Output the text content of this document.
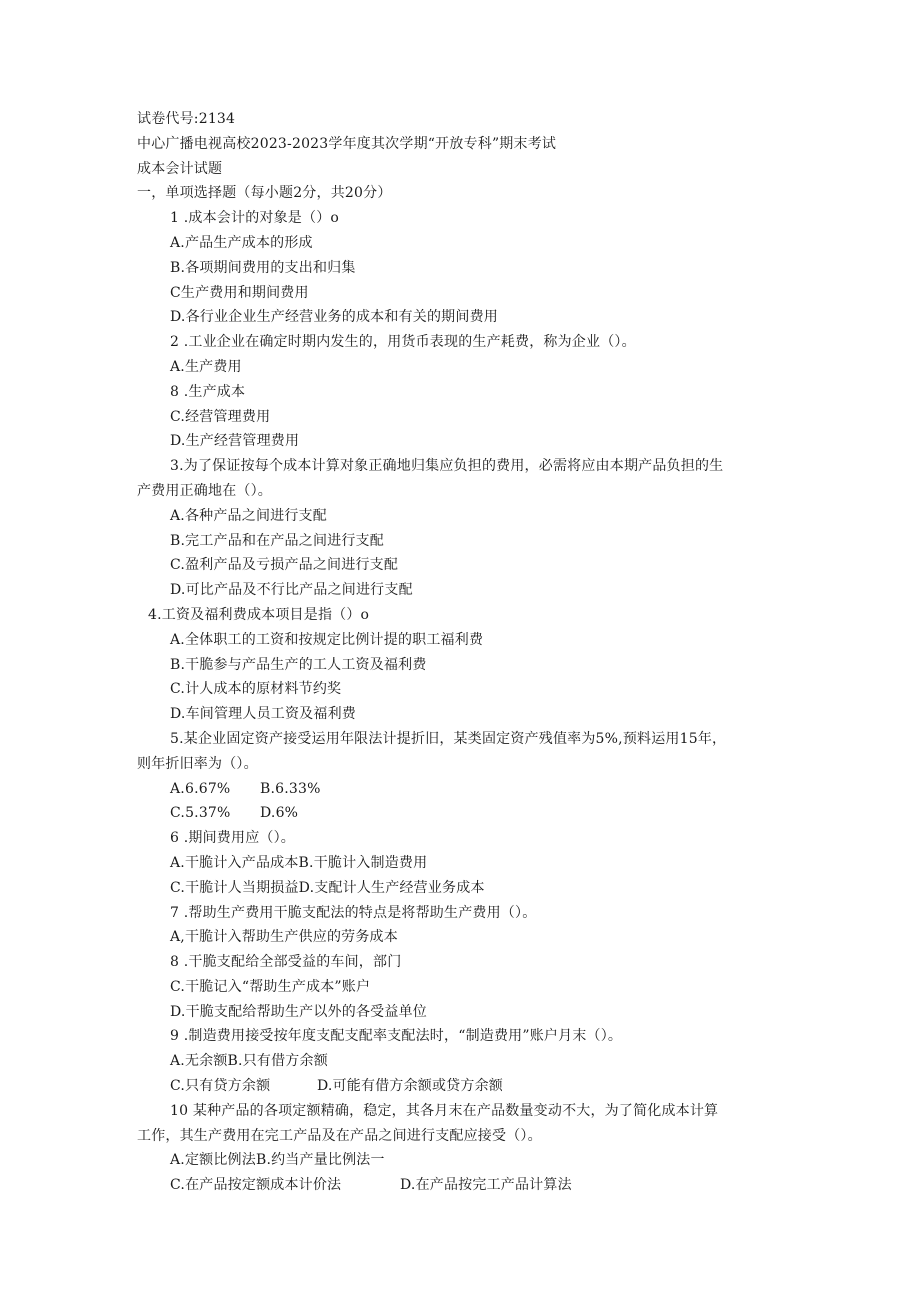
试卷代号:2134
中心广播电视高校2023-2023学年度其次学期“开放专科”期末考试
成本会计试题
一，单项选择题（每小题2分，共20分）
1 .成本会计的对象是（）o
A.产品生产成本的形成
B.各项期间费用的支出和归集
C生产费用和期间费用
D.各行业企业生产经营业务的成本和有关的期间费用
2 .工业企业在确定时期内发生的，用货币表现的生产耗费，称为企业（）。
A.生产费用
8 .生产成本
C.经营管理费用
D.生产经营管理费用
3.为了保证按每个成本计算对象正确地归集应负担的费用，必需将应由本期产品负担的生
产费用正确地在（）。
A.各种产品之间进行支配
B.完工产品和在产品之间进行支配
C.盈利产品及亏损产品之间进行支配
D.可比产品及不行比产品之间进行支配
4.工资及福利费成本项目是指（）o
A.全体职工的工资和按规定比例计提的职工福利费
B.干脆参与产品生产的工人工资及福利费
C.计人成本的原材料节约奖
D.车间管理人员工资及福利费
5.某企业固定资产接受运用年限法计提折旧，某类固定资产残值率为5%,预料运用15年，
则年折旧率为（）。
A.6.67% B.6.33%
C.5.37% D.6%
6 .期间费用应（）。
A.干脆计入产品成本B.干脆计入制造费用
C.干脆计人当期损益D.支配计人生产经营业务成本
7 .帮助生产费用干脆支配法的特点是将帮助生产费用（）。
A,干脆计入帮助生产供应的劳务成本
8 .干脆支配给全部受益的车间，部门
C.干脆记入“帮助生产成本”账户
D.干脆支配给帮助生产以外的各受益单位
9 .制造费用接受按年度支配支配率支配法时，“制造费用”账户月末（）。
A.无余额B.只有借方余额
C.只有贷方余额	D.可能有借方余额或贷方余额
10 某种产品的各项定额精确，稳定，其各月末在产品数量变动不大，为了简化成本计算
工作，其生产费用在完工产品及在产品之间进行支配应接受（）。
A.定额比例法B.约当产量比例法一
C.在产品按定额成本计价法	D.在产品按完工产品计算法
